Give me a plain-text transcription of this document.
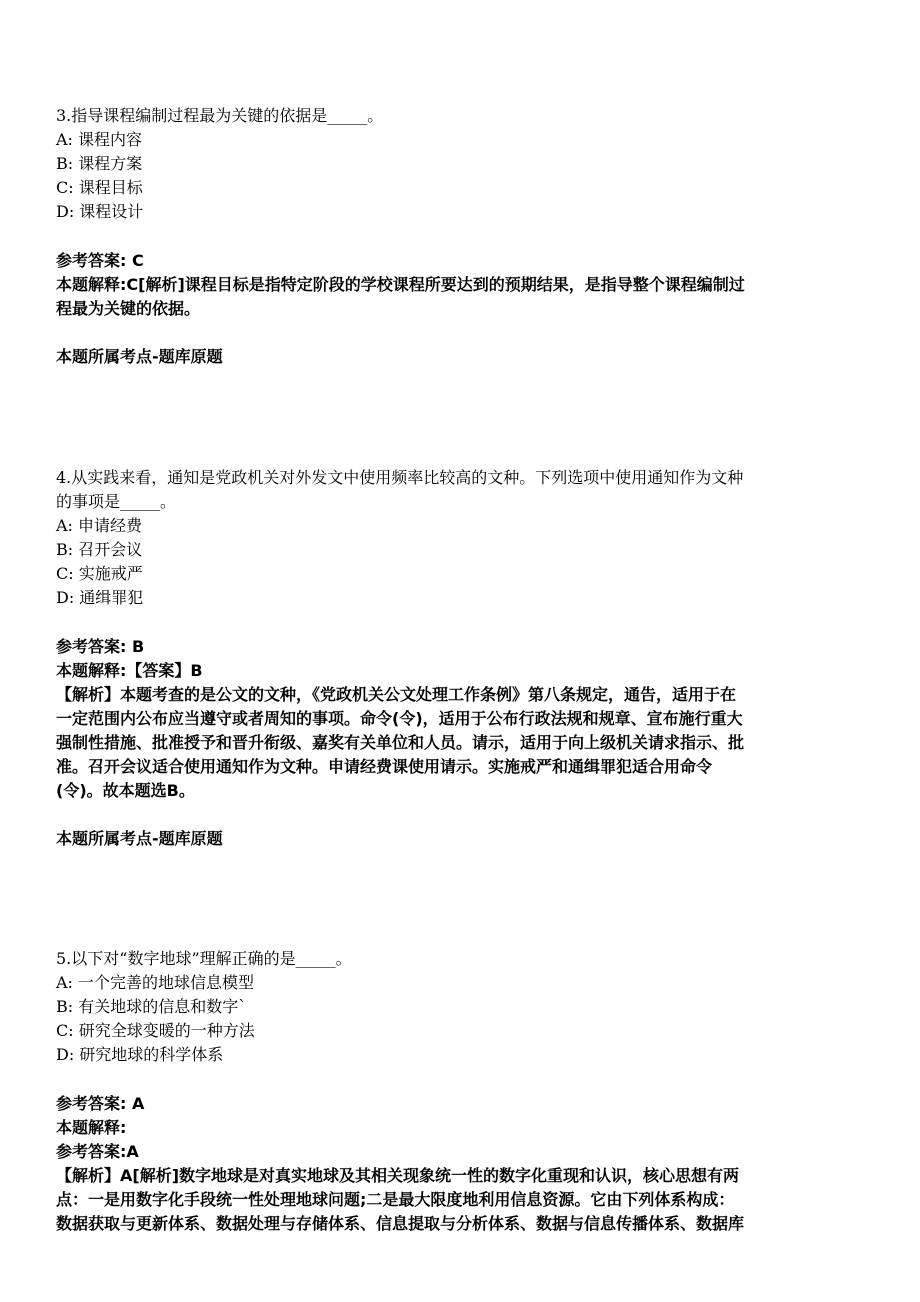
3.指导课程编制过程最为关键的依据是_____。
A: 课程内容
B: 课程方案
C: 课程目标
D: 课程设计
参考答案: C
本题解释:C[解析]课程目标是指特定阶段的学校课程所要达到的预期结果，是指导整个课程编制过
程最为关键的依据。
本题所属考点-题库原题
4.从实践来看，通知是党政机关对外发文中使用频率比较高的文种。下列选项中使用通知作为文种
的事项是_____。
A: 申请经费
B: 召开会议
C: 实施戒严
D: 通缉罪犯
参考答案: B
本题解释:【答案】B
【解析】本题考查的是公文的文种，《党政机关公文处理工作条例》第八条规定，通告，适用于在
一定范围内公布应当遵守或者周知的事项。命令(令)，适用于公布行政法规和规章、宣布施行重大
强制性措施、批准授予和晋升衔级、嘉奖有关单位和人员。请示，适用于向上级机关请求指示、批
准。召开会议适合使用通知作为文种。申请经费课使用请示。实施戒严和通缉罪犯适合用命令
(令)。故本题选B。
本题所属考点-题库原题
5.以下对“数字地球”理解正确的是_____。
A: 一个完善的地球信息模型
B: 有关地球的信息和数字`
C: 研究全球变暖的一种方法
D: 研究地球的科学体系
参考答案: A
本题解释:
参考答案:A
【解析】A[解析]数字地球是对真实地球及其相关现象统一性的数字化重现和认识，核心思想有两
点：一是用数字化手段统一性处理地球问题;二是最大限度地利用信息资源。它由下列体系构成：
数据获取与更新体系、数据处理与存储体系、信息提取与分析体系、数据与信息传播体系、数据库
